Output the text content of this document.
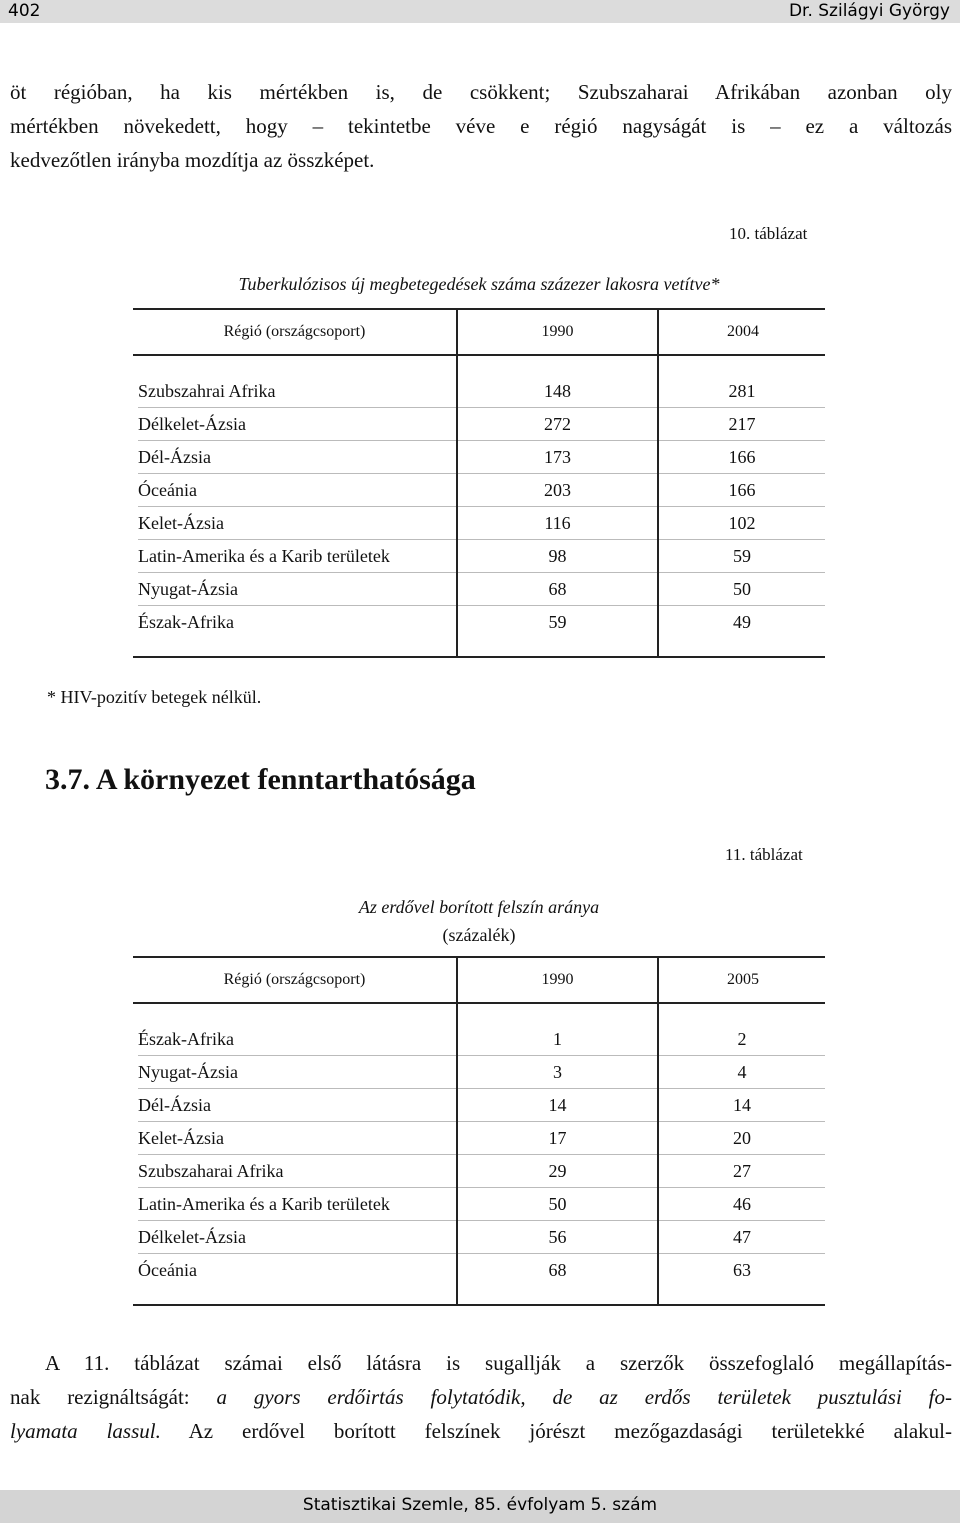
402	Dr. Szilágyi György
öt régióban, ha kis mértékben is, de csökkent; Szubszaharai Afrikában azonban oly
mértékben növekedett, hogy – tekintetbe véve e régió nagyságát is – ez a változás
kedvezőtlen irányba mozdítja az összképet.
10. táblázat
Tuberkulózisos új megbetegedések száma százezer lakosra vetítve*
Régió (országcsoport)	1990	2004
Szubszahrai Afrika	148	281
Délkelet-Ázsia	272	217
Dél-Ázsia	173	166
Óceánia	203	166
Kelet-Ázsia	116	102
Latin-Amerika és a Karib területek	98	59
Nyugat-Ázsia	68	50
Észak-Afrika	59	49
* HIV-pozitív betegek nélkül.
3.7. A környezet fenntarthatósága
11. táblázat
Az erdővel borított felszín aránya
(százalék)
Régió (országcsoport)	1990	2005
Észak-Afrika	1	2
Nyugat-Ázsia	3	4
Dél-Ázsia	14	14
Kelet-Ázsia	17	20
Szubszaharai Afrika	29	27
Latin-Amerika és a Karib területek	50	46
Délkelet-Ázsia	56	47
Óceánia	68	63
A 11. táblázat számai első látásra is sugallják a szerzők összefoglaló megállapítás-
nak rezignáltságát: a gyors erdőirtás folytatódik, de az erdős területek pusztulási fo-
lyamata lassul. Az erdővel borított felszínek jórészt mezőgazdasági területekké alakul-
Statisztikai Szemle, 85. évfolyam 5. szám
